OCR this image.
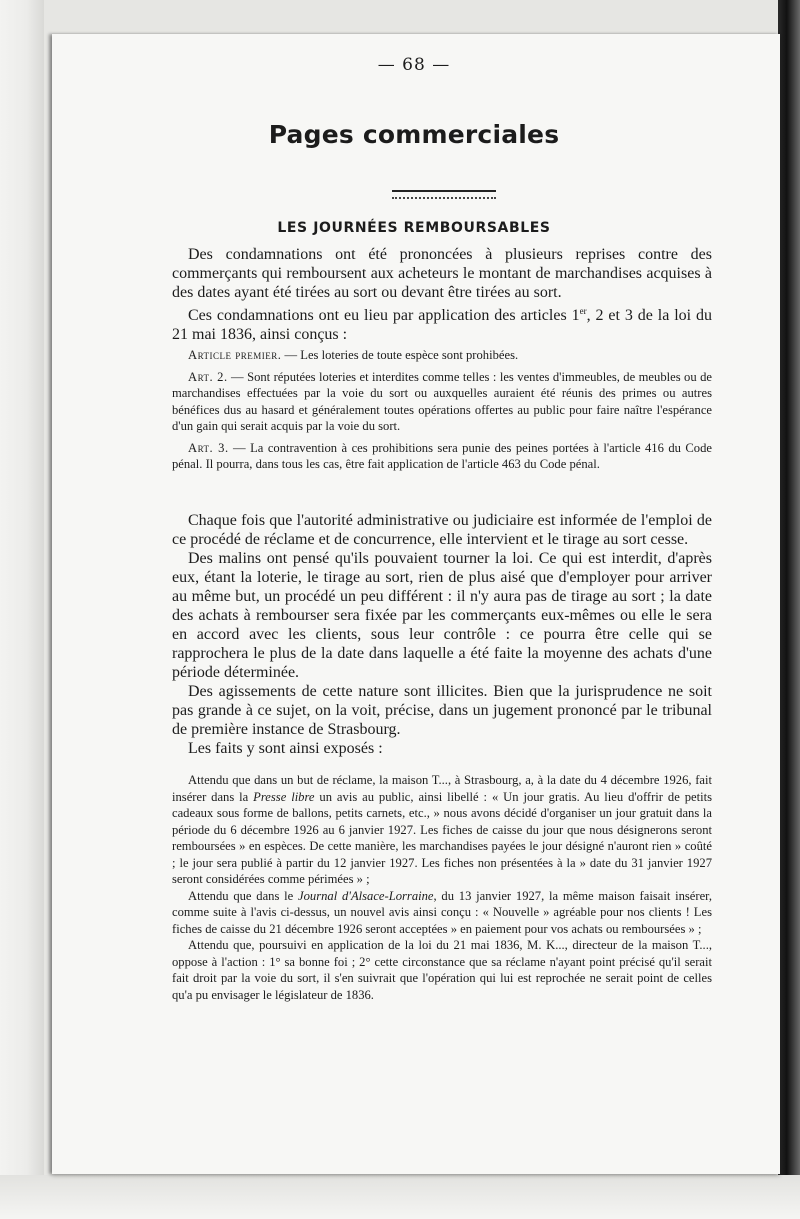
— 68 —
Pages commerciales
LES JOURNÉES REMBOURSABLES

Des condamnations ont été prononcées à plusieurs reprises contre des commerçants qui remboursent aux acheteurs le montant de marchandises acquises à des dates ayant été tirées au sort ou devant être tirées au sort.

Ces condamnations ont eu lieu par application des articles 1er, 2 et 3 de la loi du 21 mai 1836, ainsi conçus :

Article premier. — Les loteries de toute espèce sont prohibées.

Art. 2. — Sont réputées loteries et interdites comme telles : les ventes d'immeubles, de meubles ou de marchandises effectuées par la voie du sort ou auxquelles auraient été réunis des primes ou autres bénéfices dus au hasard et généralement toutes opérations offertes au public pour faire naître l'espérance d'un gain qui serait acquis par la voie du sort.

Art. 3. — La contravention à ces prohibitions sera punie des peines portées à l'article 416 du Code pénal. Il pourra, dans tous les cas, être fait application de l'article 463 du Code pénal.

Chaque fois que l'autorité administrative ou judiciaire est informée de l'emploi de ce procédé de réclame et de concurrence, elle intervient et le tirage au sort cesse.

Des malins ont pensé qu'ils pouvaient tourner la loi. Ce qui est interdit, d'après eux, étant la loterie, le tirage au sort, rien de plus aisé que d'employer pour arriver au même but, un procédé un peu différent : il n'y aura pas de tirage au sort ; la date des achats à rembourser sera fixée par les commerçants eux-mêmes ou elle le sera en accord avec les clients, sous leur contrôle : ce pourra être celle qui se rapprochera le plus de la date dans laquelle a été faite la moyenne des achats d'une période déterminée.

Des agissements de cette nature sont illicites. Bien que la jurisprudence ne soit pas grande à ce sujet, on la voit, précise, dans un jugement prononcé par le tribunal de première instance de Strasbourg.

Les faits y sont ainsi exposés :

Attendu que dans un but de réclame, la maison T..., à Strasbourg, a, à la date du 4 décembre 1926, fait insérer dans la Presse libre un avis au public, ainsi libellé : « Un jour gratis. Au lieu d'offrir de petits cadeaux sous forme de ballons, petits carnets, etc., » nous avons décidé d'organiser un jour gratuit dans la période du 6 décembre 1926 au 6 janvier 1927. Les fiches de caisse du jour que nous désignerons seront remboursées » en espèces. De cette manière, les marchandises payées le jour désigné n'auront rien » coûté ; le jour sera publié à partir du 12 janvier 1927. Les fiches non présentées à la » date du 31 janvier 1927 seront considérées comme périmées » ;

Attendu que dans le Journal d'Alsace-Lorraine, du 13 janvier 1927, la même maison faisait insérer, comme suite à l'avis ci-dessus, un nouvel avis ainsi conçu : « Nouvelle » agréable pour nos clients ! Les fiches de caisse du 21 décembre 1926 seront acceptées » en paiement pour vos achats ou remboursées » ;

Attendu que, poursuivi en application de la loi du 21 mai 1836, M. K..., directeur de la maison T..., oppose à l'action : 1° sa bonne foi ; 2° cette circonstance que sa réclame n'ayant point précisé qu'il serait fait droit par la voie du sort, il s'en suivrait que l'opération qui lui est reprochée ne serait point de celles qu'a pu envisager le législateur de 1836.
